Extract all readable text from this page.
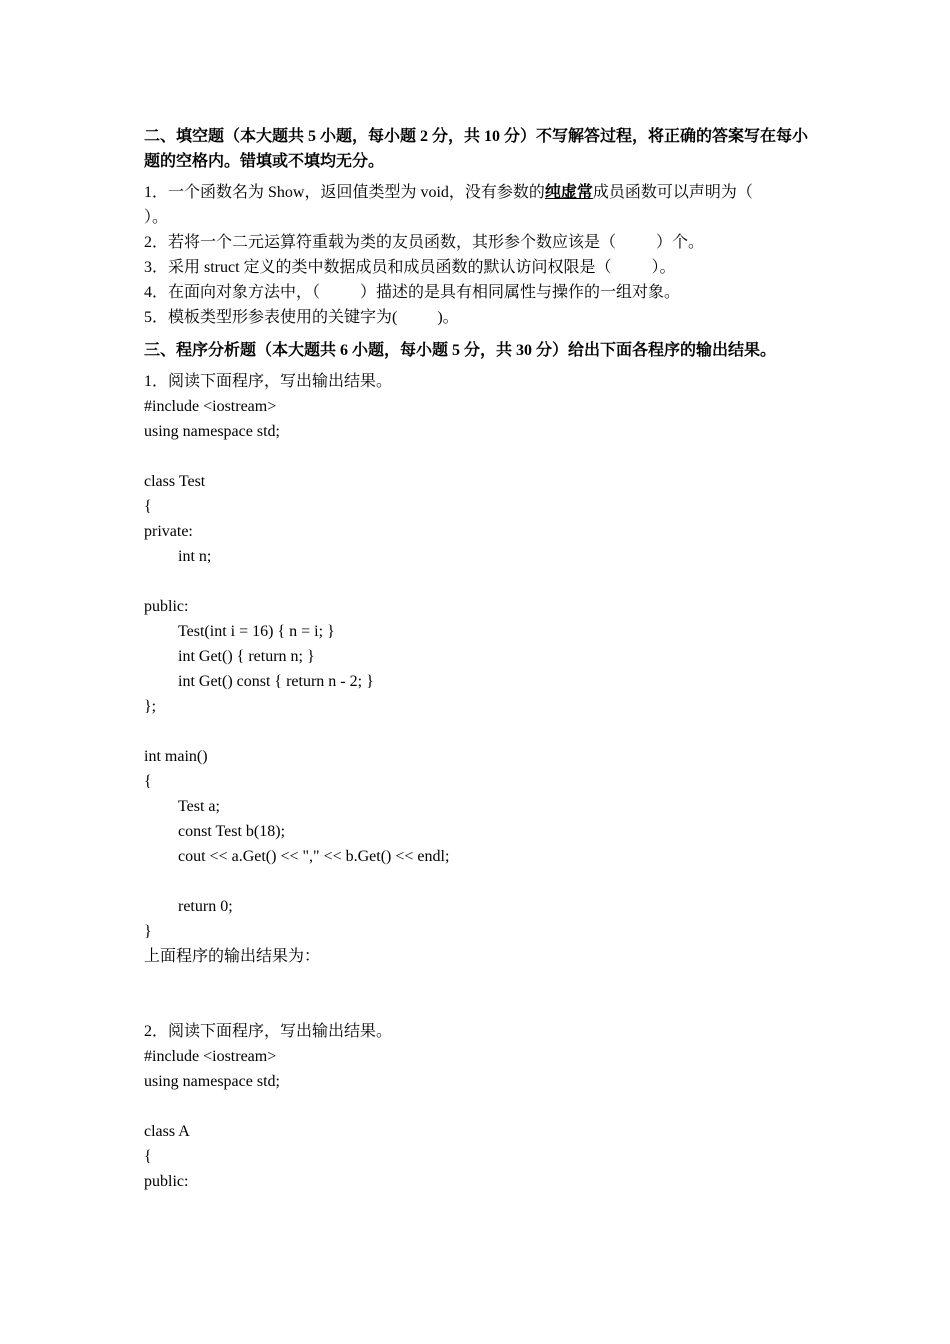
二、填空题（本大题共 5 小题，每小题 2 分，共 10 分）不写解答过程，将正确的答案写在每小题的空格内。错填或不填均无分。

1．一个函数名为 Show，返回值类型为 void，没有参数的纯虚常成员函数可以声明为（        ）。

2．若将一个二元运算符重载为类的友员函数，其形参个数应该是（          ）个。

3．采用 struct 定义的类中数据成员和成员函数的默认访问权限是（          ）。

4．在面向对象方法中，（          ）描述的是具有相同属性与操作的一组对象。

5．模板类型形参表使用的关键字为(          )。

三、程序分析题（本大题共 6 小题，每小题 5 分，共 30 分）给出下面各程序的输出结果。

1．阅读下面程序，写出输出结果。

#include <iostream>
using namespace std;
class Test
{
private:
int n;
public:
Test(int i = 16) { n = i; }
int Get() { return n; }
int Get() const { return n - 2; }
};
int main()
{
Test a;
const Test b(18);
cout << a.Get() << "," << b.Get() << endl;
return 0;
}

上面程序的输出结果为：

2．阅读下面程序，写出输出结果。

#include <iostream>
using namespace std;
class A
{
public:
